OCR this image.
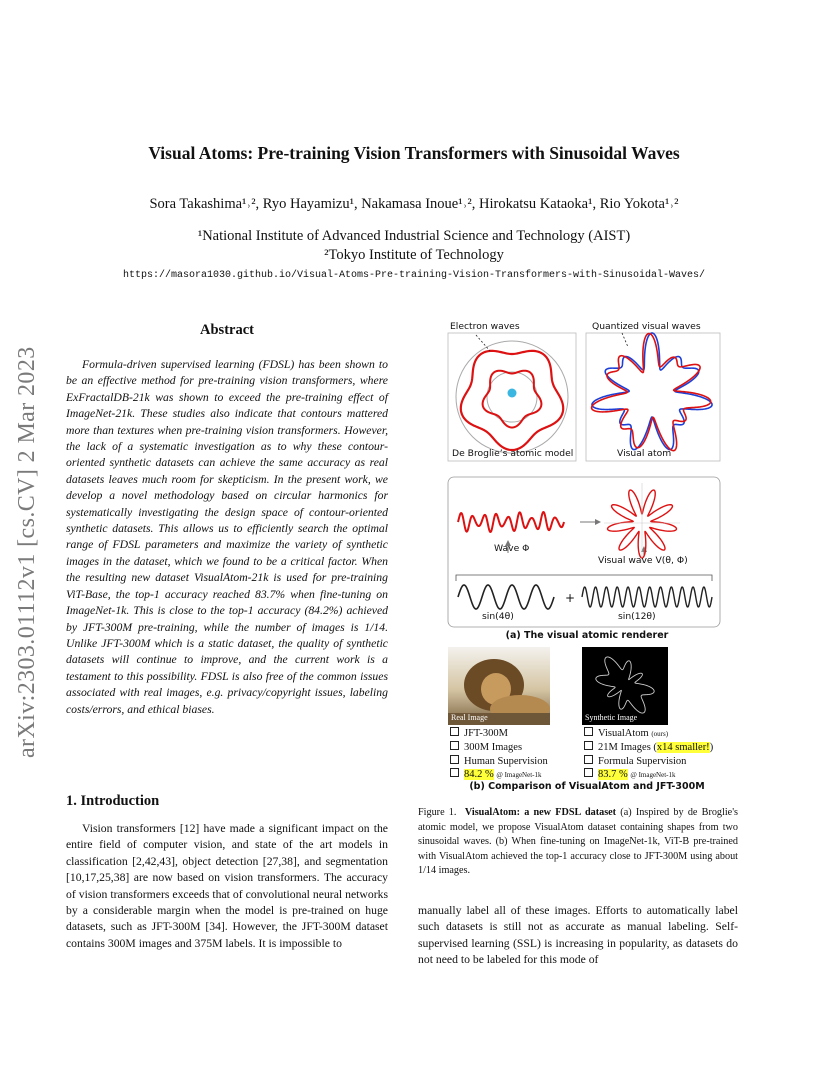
arXiv:2303.01112v1 [cs.CV] 2 Mar 2023
Visual Atoms: Pre-training Vision Transformers with Sinusoidal Waves
Sora Takashima¹˒², Ryo Hayamizu¹, Nakamasa Inoue¹˒², Hirokatsu Kataoka¹, Rio Yokota¹˒²
¹National Institute of Advanced Industrial Science and Technology (AIST)
²Tokyo Institute of Technology
https://masora1030.github.io/Visual-Atoms-Pre-training-Vision-Transformers-with-Sinusoidal-Waves/
Abstract

Formula-driven supervised learning (FDSL) has been shown to be an effective method for pre-training vision transformers, where ExFractalDB-21k was shown to exceed the pre-training effect of ImageNet-21k. These studies also indicate that contours mattered more than textures when pre-training vision transformers. However, the lack of a systematic investigation as to why these contour-oriented synthetic datasets can achieve the same accuracy as real datasets leaves much room for skepticism. In the present work, we develop a novel methodology based on circular harmonics for systematically investigating the design space of contour-oriented synthetic datasets. This allows us to efficiently search the optimal range of FDSL parameters and maximize the variety of synthetic images in the dataset, which we found to be a critical factor. When the resulting new dataset VisualAtom-21k is used for pre-training ViT-Base, the top-1 accuracy reached 83.7% when fine-tuning on ImageNet-1k. This is close to the top-1 accuracy (84.2%) achieved by JFT-300M pre-training, while the number of images is 1/14. Unlike JFT-300M which is a static dataset, the quality of synthetic datasets will continue to improve, and the current work is a testament to this possibility. FDSL is also free of the common issues associated with real images, e.g. privacy/copyright issues, labeling costs/errors, and ethical biases.

1. Introduction

Vision transformers [12] have made a significant impact on the entire field of computer vision, and state of the art models in classification [2,42,43], object detection [27,38], and segmentation [10,17,25,38] are now based on vision transformers. The accuracy of vision transformers exceeds that of convolutional neural networks by a considerable margin when the model is pre-trained on huge datasets, such as JFT-300M [34]. However, the JFT-300M dataset contains 300M images and 375M labels. It is impossible to

Electron waves	Quantized visual waves
De Broglie’s atomic model	Visual atom
Wave Φ
Visual wave V(θ, Φ)
+
sin(4θ)	sin(12θ)
(a) The visual atomic renderer
Real Image	Synthetic Image
JFT-300M
300M Images
Human Supervision
84.2 % @ ImageNet-1k
VisualAtom (ours)
21M Images (x14 smaller!)
Formula Supervision
83.7 % @ ImageNet-1k
(b) Comparison of VisualAtom and JFT-300M

Figure 1. VisualAtom: a new FDSL dataset (a) Inspired by de Broglie's atomic model, we propose VisualAtom dataset containing shapes from two sinusoidal waves. (b) When fine-tuning on ImageNet-1k, ViT-B pre-trained with VisualAtom achieved the top-1 accuracy close to JFT-300M using about 1/14 images.

manually label all of these images. Efforts to automatically label such datasets is still not as accurate as manual labeling. Self-supervised learning (SSL) is increasing in popularity, as datasets do not need to be labeled for this mode of
